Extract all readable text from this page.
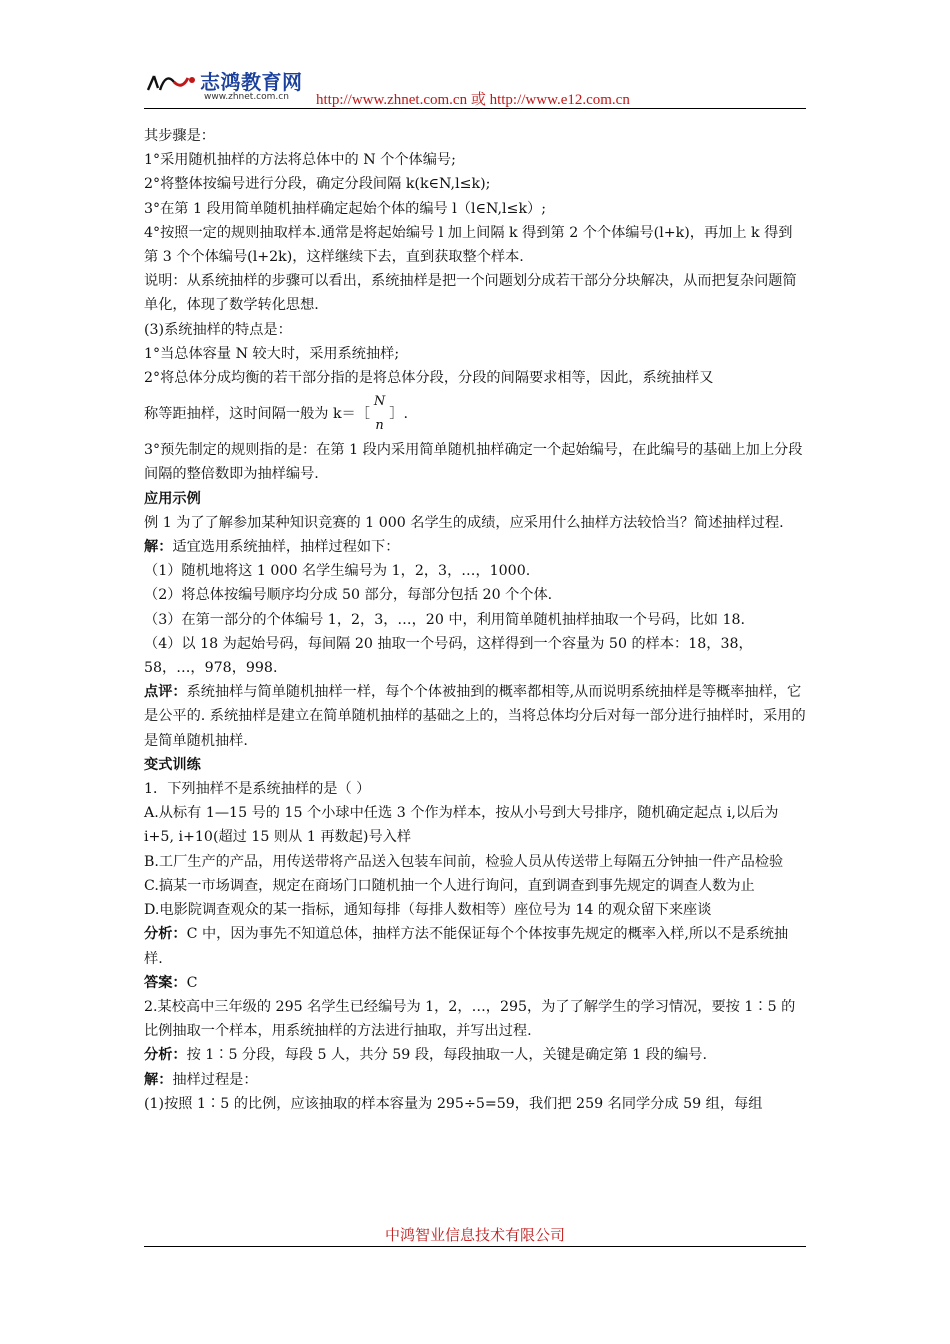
志鸿教育网
www.zhnet.com.cn http://www.zhnet.com.cn 或 http://www.e12.com.cn

其步骤是：

1°采用随机抽样的方法将总体中的 N 个个体编号;

2°将整体按编号进行分段，确定分段间隔 k(k∈N,l≤k);

3°在第 1 段用简单随机抽样确定起始个体的编号 l（l∈N,l≤k）;

4°按照一定的规则抽取样本.通常是将起始编号 l 加上间隔 k 得到第 2 个个体编号(l+k)，再加上 k 得到第 3 个个体编号(l+2k)，这样继续下去，直到获取整个样本.

说明：从系统抽样的步骤可以看出，系统抽样是把一个问题划分成若干部分分块解决，从而把复杂问题简单化，体现了数学转化思想.

(3)系统抽样的特点是：

1°当总体容量 N 较大时，采用系统抽样;

2°将总体分成均衡的若干部分指的是将总体分段，分段的间隔要求相等，因此，系统抽样又

称等距抽样，这时间隔一般为 k＝［
N
n
］.

3°预先制定的规则指的是：在第 1 段内采用简单随机抽样确定一个起始编号，在此编号的基础上加上分段间隔的整倍数即为抽样编号.

应用示例

例 1 为了了解参加某种知识竞赛的 1 000 名学生的成绩，应采用什么抽样方法较恰当？简述抽样过程.

解：适宜选用系统抽样，抽样过程如下：

（1）随机地将这 1 000 名学生编号为 1，2，3，…，1000.

（2）将总体按编号顺序均分成 50 部分，每部分包括 20 个个体.

（3）在第一部分的个体编号 1，2，3，…，20 中，利用简单随机抽样抽取一个号码，比如 18.

（4）以 18 为起始号码，每间隔 20 抽取一个号码，这样得到一个容量为 50 的样本：18，38，58，…，978，998.

点评：系统抽样与简单随机抽样一样，每个个体被抽到的概率都相等,从而说明系统抽样是等概率抽样，它是公平的. 系统抽样是建立在简单随机抽样的基础之上的，当将总体均分后对每一部分进行抽样时，采用的是简单随机抽样.

变式训练

1．下列抽样不是系统抽样的是（ ）

A.从标有 1—15 号的 15 个小球中任选 3 个作为样本，按从小号到大号排序，随机确定起点 i,以后为 i+5, i+10(超过 15 则从 1 再数起)号入样

B.工厂生产的产品，用传送带将产品送入包装车间前，检验人员从传送带上每隔五分钟抽一件产品检验

C.搞某一市场调查，规定在商场门口随机抽一个人进行询问，直到调查到事先规定的调查人数为止

D.电影院调查观众的某一指标，通知每排（每排人数相等）座位号为 14 的观众留下来座谈

分析：C 中，因为事先不知道总体，抽样方法不能保证每个个体按事先规定的概率入样,所以不是系统抽样.

答案：C

2.某校高中三年级的 295 名学生已经编号为 1，2，…，295，为了了解学生的学习情况，要按 1∶5 的比例抽取一个样本，用系统抽样的方法进行抽取，并写出过程.

分析：按 1∶5 分段，每段 5 人，共分 59 段，每段抽取一人，关键是确定第 1 段的编号.

解：抽样过程是：

(1)按照 1∶5 的比例，应该抽取的样本容量为 295÷5=59，我们把 259 名同学分成 59 组，每组

中鸿智业信息技术有限公司
